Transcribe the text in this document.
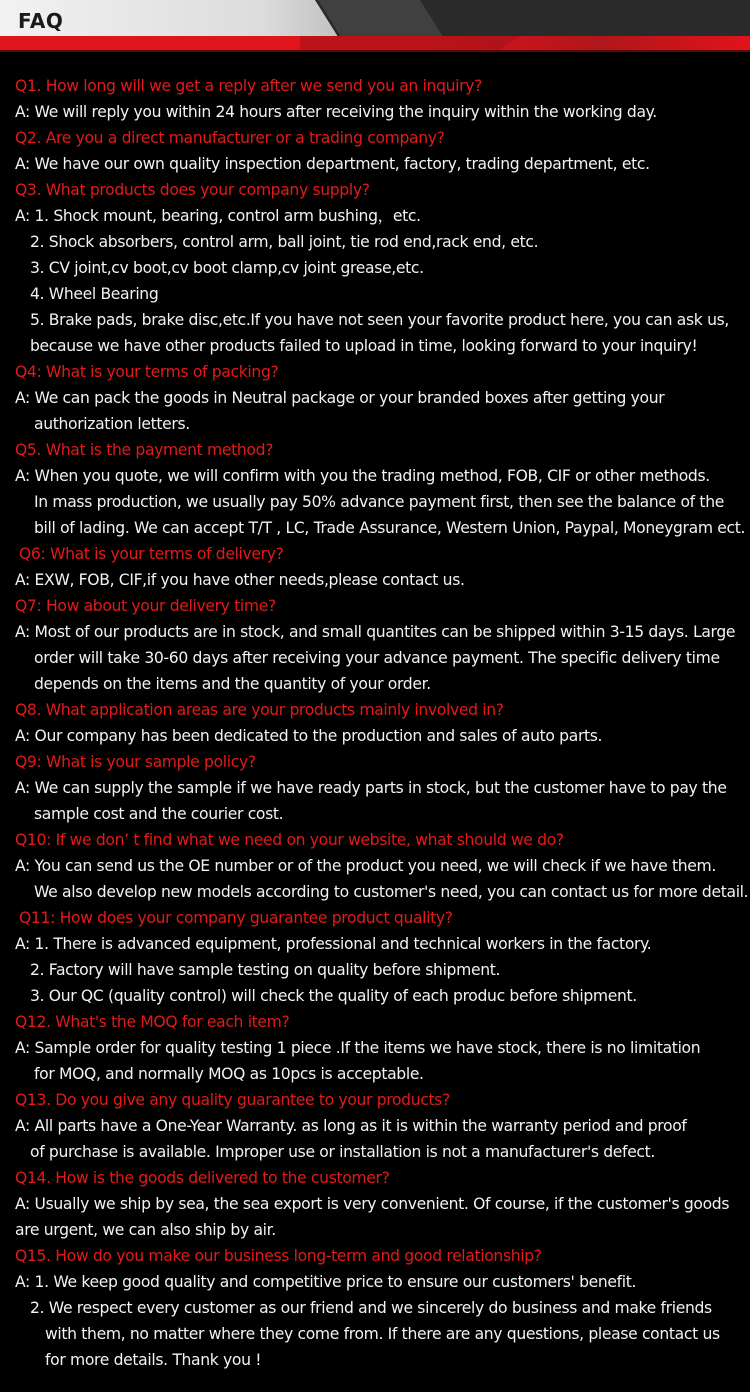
FAQ
Q1. How long will we get a reply after we send you an inquiry?
A: We will reply you within 24 hours after receiving the inquiry within the working day.
Q2. Are you a direct manufacturer or a trading company?
A: We have our own quality inspection department, factory, trading department, etc.
Q3. What products does your company supply?
A: 1. Shock mount, bearing, control arm bushing，etc.
2. Shock absorbers, control arm, ball joint, tie rod end,rack end, etc.
3. CV joint,cv boot,cv boot clamp,cv joint grease,etc.
4. Wheel Bearing
5. Brake pads, brake disc,etc.If you have not seen your favorite product here, you can ask us,
because we have other products failed to upload in time, looking forward to your inquiry!
Q4: What is your terms of packing?
A: We can pack the goods in Neutral package or your branded boxes after getting your
authorization letters.
Q5. What is the payment method?
A: When you quote, we will confirm with you the trading method, FOB, CIF or other methods.
In mass production, we usually pay 50% advance payment first, then see the balance of the
bill of lading. We can accept T/T , LC, Trade Assurance, Western Union, Paypal, Moneygram ect.
Q6: What is your terms of delivery?
A: EXW, FOB, CIF,if you have other needs,please contact us.
Q7: How about your delivery time?
A: Most of our products are in stock, and small quantites can be shipped within 3-15 days. Large
order will take 30-60 days after receiving your advance payment. The specific delivery time
depends on the items and the quantity of your order.
Q8. What application areas are your products mainly involved in?
A: Our company has been dedicated to the production and sales of auto parts.
Q9: What is your sample policy?
A: We can supply the sample if we have ready parts in stock, but the customer have to pay the
sample cost and the courier cost.
Q10: If we don’ t find what we need on your website, what should we do?
A: You can send us the OE number or of the product you need, we will check if we have them.
We also develop new models according to customer's need, you can contact us for more detail.
Q11: How does your company guarantee product quality?
A: 1. There is advanced equipment, professional and technical workers in the factory.
2. Factory will have sample testing on quality before shipment.
3. Our QC (quality control) will check the quality of each produc before shipment.
Q12. What's the MOQ for each item?
A: Sample order for quality testing 1 piece .If the items we have stock, there is no limitation
for MOQ, and normally MOQ as 10pcs is acceptable.
Q13. Do you give any quality guarantee to your products?
A: All parts have a One-Year Warranty. as long as it is within the warranty period and proof
of purchase is available. Improper use or installation is not a manufacturer's defect.
Q14. How is the goods delivered to the customer?
A: Usually we ship by sea, the sea export is very convenient. Of course, if the customer's goods
are urgent, we can also ship by air.
Q15. How do you make our business long-term and good relationship?
A: 1. We keep good quality and competitive price to ensure our customers' benefit.
2. We respect every customer as our friend and we sincerely do business and make friends
with them, no matter where they come from. If there are any questions, please contact us
for more details. Thank you !
